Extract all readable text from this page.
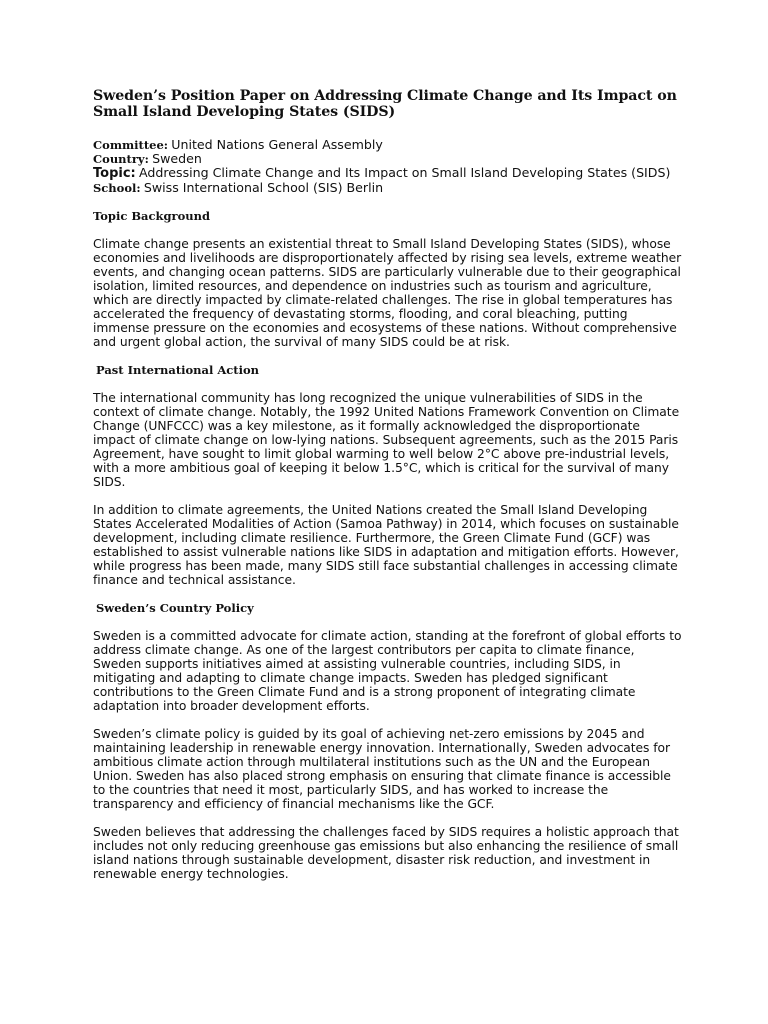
Sweden’s Position Paper on Addressing Climate Change and Its Impact on Small Island Developing States (SIDS)
Committee: United Nations General Assembly
Country: Sweden
Topic: Addressing Climate Change and Its Impact on Small Island Developing States (SIDS)
School: Swiss International School (SIS) Berlin
Topic Background

Climate change presents an existential threat to Small Island Developing States (SIDS), whose economies and livelihoods are disproportionately affected by rising sea levels, extreme weather events, and changing ocean patterns. SIDS are particularly vulnerable due to their geographical isolation, limited resources, and dependence on industries such as tourism and agriculture, which are directly impacted by climate-related challenges. The rise in global temperatures has accelerated the frequency of devastating storms, flooding, and coral bleaching, putting immense pressure on the economies and ecosystems of these nations. Without comprehensive and urgent global action, the survival of many SIDS could be at risk.

Past International Action

The international community has long recognized the unique vulnerabilities of SIDS in the context of climate change. Notably, the 1992 United Nations Framework Convention on Climate Change (UNFCCC) was a key milestone, as it formally acknowledged the disproportionate impact of climate change on low-lying nations. Subsequent agreements, such as the 2015 Paris Agreement, have sought to limit global warming to well below 2°C above pre-industrial levels, with a more ambitious goal of keeping it below 1.5°C, which is critical for the survival of many SIDS.

In addition to climate agreements, the United Nations created the Small Island Developing States Accelerated Modalities of Action (Samoa Pathway) in 2014, which focuses on sustainable development, including climate resilience. Furthermore, the Green Climate Fund (GCF) was established to assist vulnerable nations like SIDS in adaptation and mitigation efforts. However, while progress has been made, many SIDS still face substantial challenges in accessing climate finance and technical assistance.

Sweden’s Country Policy

Sweden is a committed advocate for climate action, standing at the forefront of global efforts to address climate change. As one of the largest contributors per capita to climate finance, Sweden supports initiatives aimed at assisting vulnerable countries, including SIDS, in mitigating and adapting to climate change impacts. Sweden has pledged significant contributions to the Green Climate Fund and is a strong proponent of integrating climate adaptation into broader development efforts.

Sweden’s climate policy is guided by its goal of achieving net-zero emissions by 2045 and maintaining leadership in renewable energy innovation. Internationally, Sweden advocates for ambitious climate action through multilateral institutions such as the UN and the European Union. Sweden has also placed strong emphasis on ensuring that climate finance is accessible to the countries that need it most, particularly SIDS, and has worked to increase the transparency and efficiency of financial mechanisms like the GCF.

Sweden believes that addressing the challenges faced by SIDS requires a holistic approach that includes not only reducing greenhouse gas emissions but also enhancing the resilience of small island nations through sustainable development, disaster risk reduction, and investment in renewable energy technologies.
